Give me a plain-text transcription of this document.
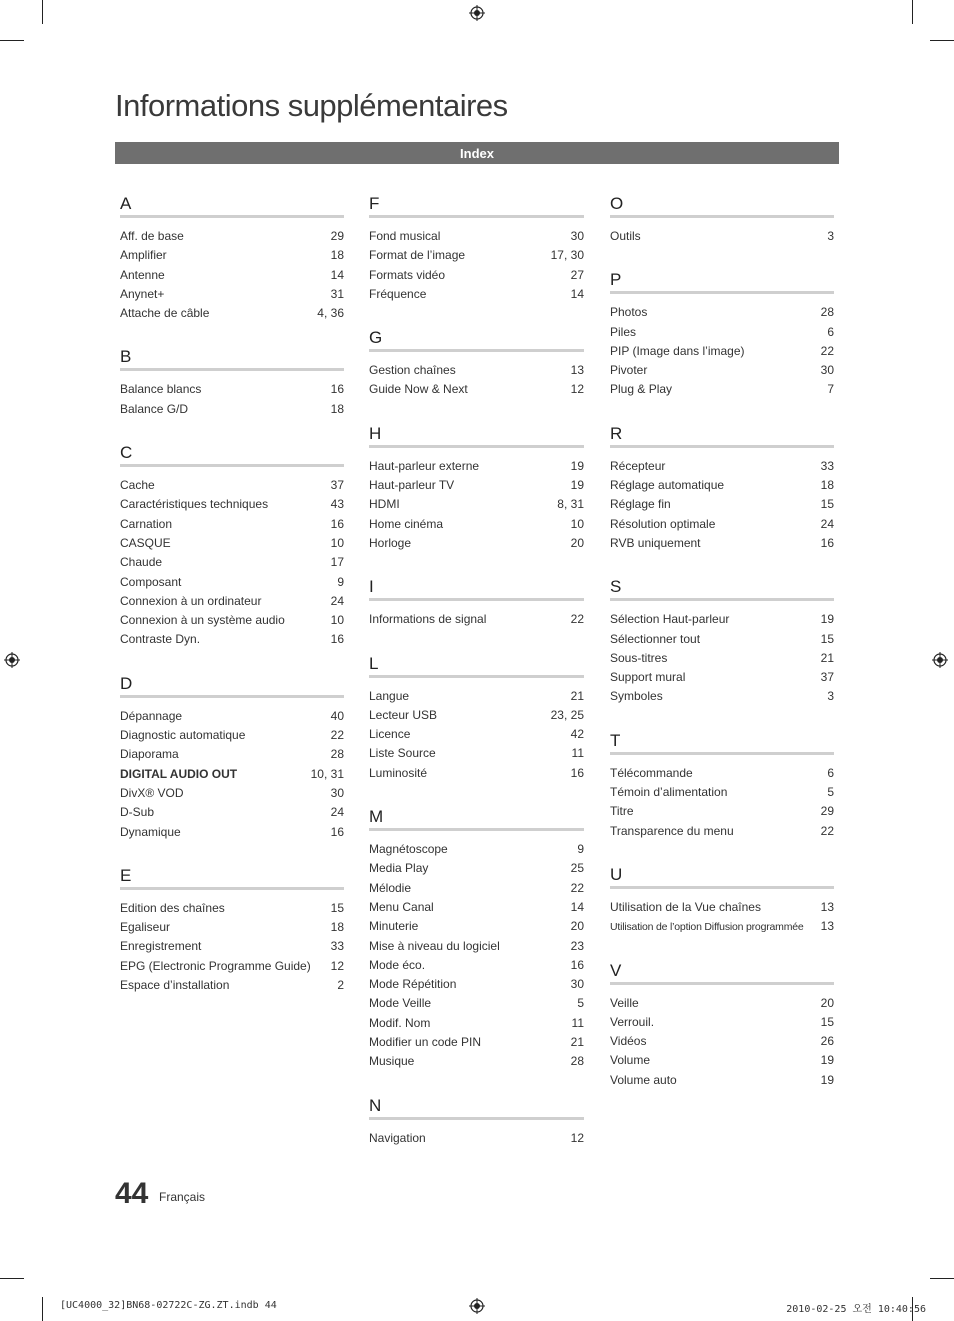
Informations supplémentaires
Index
A
Aff. de base	29
Amplifier	18
Antenne	14
Anynet+	31
Attache de câble	4, 36
B
Balance blancs	16
Balance G/D	18
C
Cache	37
Caractéristiques techniques	43
Carnation	16
CASQUE	10
Chaude	17
Composant	9
Connexion à un ordinateur	24
Connexion à un système audio	10
Contraste Dyn.	16
D
Dépannage	40
Diagnostic automatique	22
Diaporama	28
DIGITAL AUDIO OUT	10, 31
DivX® VOD	30
D-Sub	24
Dynamique	16
E
Edition des chaînes	15
Egaliseur	18
Enregistrement	33
EPG (Electronic Programme Guide) 12
Espace d’installation	2
F
Fond musical	30
Format de l’image	17, 30
Formats vidéo	27
Fréquence	14
G
Gestion chaînes	13
Guide Now & Next	12
H
Haut-parleur externe	19
Haut-parleur TV	19
HDMI	8, 31
Home cinéma	10
Horloge	20
I
Informations de signal	22
L
Langue	21
Lecteur USB	23, 25
Licence	42
Liste Source	11
Luminosité	16
M
Magnétoscope	9
Media Play	25
Mélodie	22
Menu Canal	14
Minuterie	20
Mise à niveau du logiciel	23
Mode éco.	16
Mode Répétition	30
Mode Veille	5
Modif. Nom	11
Modifier un code PIN	21
Musique	28
N
Navigation	12
O
Outils	3
P
Photos	28
Piles	6
PIP (Image dans l’image)	22
Pivoter	30
Plug & Play	7
R
Récepteur	33
Réglage automatique	18
Réglage fin	15
Résolution optimale	24
RVB uniquement	16
S
Sélection Haut-parleur	19
Sélectionner tout	15
Sous-titres	21
Support mural	37
Symboles	3
T
Télécommande	6
Témoin d’alimentation	5
Titre	29
Transparence du menu	22
U
Utilisation de la Vue chaînes	13
Utilisation de l’option Diffusion programmée 13
V
Veille	20
Verrouil.	15
Vidéos	26
Volume	19
Volume auto	19
44 Français
[UC4000_32]BN68-02722C-ZG.ZT.indb 44	2010-02-25 오전 10:40:56
